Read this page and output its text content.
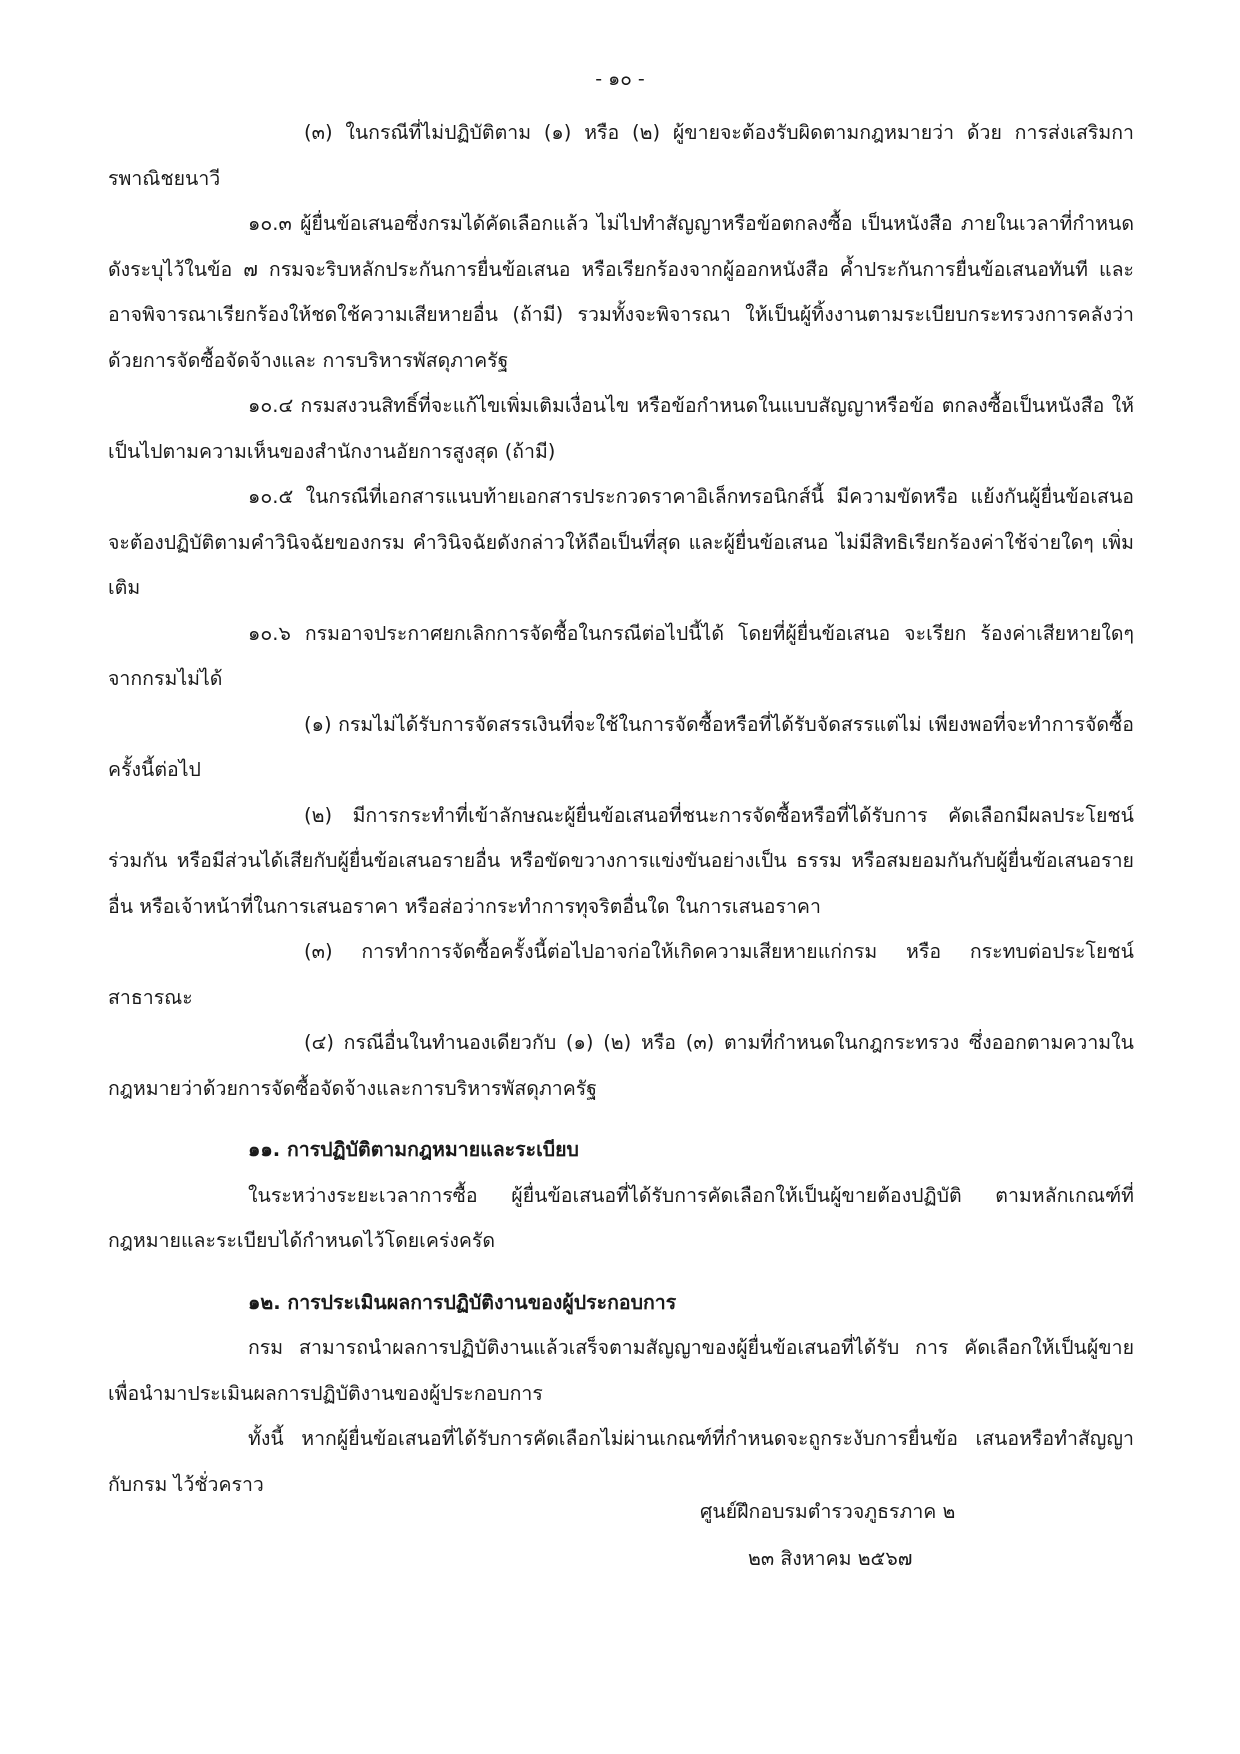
- ๑๐ -

(๓) ในกรณีที่ไม่ปฏิบัติตาม (๑) หรือ (๒) ผู้ขายจะต้องรับผิดตามกฎหมายว่า ด้วย การส่งเสริมการพาณิชยนาวี

๑๐.๓ ผู้ยื่นข้อเสนอซึ่งกรมได้คัดเลือกแล้ว ไม่ไปทำสัญญาหรือข้อตกลงซื้อ เป็นหนังสือ ภายในเวลาที่กำหนด ดังระบุไว้ในข้อ ๗ กรมจะริบหลักประกันการยื่นข้อเสนอ หรือเรียกร้องจากผู้ออกหนังสือ ค้ำประกันการยื่นข้อเสนอทันที และอาจพิจารณาเรียกร้องให้ชดใช้ความเสียหายอื่น (ถ้ามี) รวมทั้งจะพิจารณา ให้เป็นผู้ทิ้งงานตามระเบียบกระทรวงการคลังว่าด้วยการจัดซื้อจัดจ้างและ การบริหารพัสดุภาครัฐ

๑๐.๔ กรมสงวนสิทธิ์ที่จะแก้ไขเพิ่มเติมเงื่อนไข หรือข้อกำหนดในแบบสัญญาหรือข้อ ตกลงซื้อเป็นหนังสือ ให้เป็นไปตามความเห็นของสำนักงานอัยการสูงสุด (ถ้ามี)

๑๐.๕ ในกรณีที่เอกสารแนบท้ายเอกสารประกวดราคาอิเล็กทรอนิกส์นี้ มีความขัดหรือ แย้งกันผู้ยื่นข้อเสนอจะต้องปฏิบัติตามคำวินิจฉัยของกรม คำวินิจฉัยดังกล่าวให้ถือเป็นที่สุด และผู้ยื่นข้อเสนอ ไม่มีสิทธิเรียกร้องค่าใช้จ่ายใดๆ เพิ่มเติม

๑๐.๖ กรมอาจประกาศยกเลิกการจัดซื้อในกรณีต่อไปนี้ได้ โดยที่ผู้ยื่นข้อเสนอ จะเรียก ร้องค่าเสียหายใดๆ จากกรมไม่ได้

(๑) กรมไม่ได้รับการจัดสรรเงินที่จะใช้ในการจัดซื้อหรือที่ได้รับจัดสรรแต่ไม่ เพียงพอที่จะทำการจัดซื้อครั้งนี้ต่อไป

(๒) มีการกระทำที่เข้าลักษณะผู้ยื่นข้อเสนอที่ชนะการจัดซื้อหรือที่ได้รับการ คัดเลือกมีผลประโยชน์ร่วมกัน หรือมีส่วนได้เสียกับผู้ยื่นข้อเสนอรายอื่น หรือขัดขวางการแข่งขันอย่างเป็น ธรรม หรือสมยอมกันกับผู้ยื่นข้อเสนอรายอื่น หรือเจ้าหน้าที่ในการเสนอราคา หรือส่อว่ากระทำการทุจริตอื่นใด ในการเสนอราคา

(๓) การทำการจัดซื้อครั้งนี้ต่อไปอาจก่อให้เกิดความเสียหายแก่กรม หรือ กระทบต่อประโยชน์สาธารณะ

(๔) กรณีอื่นในทำนองเดียวกับ (๑) (๒) หรือ (๓) ตามที่กำหนดในกฎกระทรวง ซึ่งออกตามความในกฎหมายว่าด้วยการจัดซื้อจัดจ้างและการบริหารพัสดุภาครัฐ

๑๑. การปฏิบัติตามกฎหมายและระเบียบ

ในระหว่างระยะเวลาการซื้อ ผู้ยื่นข้อเสนอที่ได้รับการคัดเลือกให้เป็นผู้ขายต้องปฏิบัติ ตามหลักเกณฑ์ที่กฎหมายและระเบียบได้กำหนดไว้โดยเคร่งครัด

๑๒. การประเมินผลการปฏิบัติงานของผู้ประกอบการ

กรม สามารถนำผลการปฏิบัติงานแล้วเสร็จตามสัญญาของผู้ยื่นข้อเสนอที่ได้รับ การ คัดเลือกให้เป็นผู้ขายเพื่อนำมาประเมินผลการปฏิบัติงานของผู้ประกอบการ

ทั้งนี้ หากผู้ยื่นข้อเสนอที่ได้รับการคัดเลือกไม่ผ่านเกณฑ์ที่กำหนดจะถูกระงับการยื่นข้อ เสนอหรือทำสัญญากับกรม ไว้ชั่วคราว

ศูนย์ฝึกอบรมตำรวจภูธรภาค ๒
๒๓ สิงหาคม ๒๕๖๗
